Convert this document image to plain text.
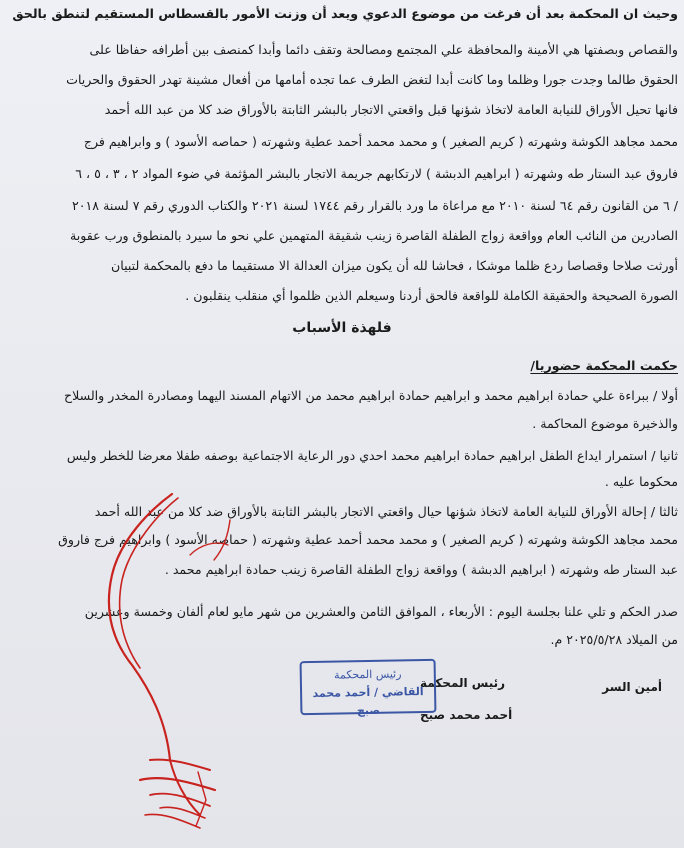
وحيث ان المحكمة بعد أن فرغت من موضوع الدعوي ويعد أن وزنت الأمور بالقسطاس المستقيم لتنطق بالحق
والقصاص وبصفتها هي الأمينة والمحافظة علي المجتمع ومصالحة وتقف دائما وأبدا كمنصف بين أطرافه حفاظا على
الحقوق طالما وجدت جورا وظلما وما كانت أبدا لتغض الطرف عما تجده أمامها من أفعال مشينة تهدر الحقوق والحريات
فانها تحيل الأوراق للنيابة العامة لاتخاذ شؤنها قبل واقعتي الاتجار بالبشر الثابتة بالأوراق ضد كلا من عبد الله أحمد
محمد مجاهد الكوشة وشهرته ( كريم الصغير ) و محمد محمد أحمد عطية وشهرته ( حماصه الأسود ) و وابراهيم فرج
فاروق عبد الستار طه وشهرته ( ابراهيم الدبشة ) لارتكابهم جريمة الاتجار بالبشر المؤثمة في ضوء المواد ٢ ، ٣ ، ٥ ، ٦
/ ٦ من القانون رقم ٦٤ لسنة ٢٠١٠ مع مراعاة ما ورد بالقرار رقم ١٧٤٤ لسنة ٢٠٢١ والكتاب الدوري رقم ٧ لسنة ٢٠١٨
الصادرين من النائب العام وواقعة زواج الطفلة القاصرة زينب شقيقة المتهمين علي نحو ما سيرد بالمنطوق ورب عقوبة
أورثت صلاحا وقصاصا ردع ظلما موشكا ، فحاشا لله أن يكون ميزان العدالة الا مستقيما ما دفع بالمحكمة لتبيان
الصورة الصحيحة والحقيقة الكاملة للواقعة فالحق أردنا وسيعلم الذين ظلموا أي منقلب ينقلبون .
فلهذة الأسباب
حكمت المحكمة حضوريا/
أولا / ببراءة علي حمادة ابراهيم محمد و ابراهيم حمادة ابراهيم محمد من الاتهام المسند اليهما ومصادرة المخدر والسلاح
والذخيرة موضوع المحاكمة .
ثانيا / استمرار ايداع الطفل ابراهيم حمادة ابراهيم محمد احدي دور الرعاية الاجتماعية بوصفه طفلا معرضا للخطر وليس
محكوما عليه .
ثالثا / إحالة الأوراق للنيابة العامة لاتخاذ شؤنها حيال واقعتي الاتجار بالبشر الثابتة بالأوراق ضد كلا من عبد الله أحمد
محمد مجاهد الكوشة وشهرته ( كريم الصغير ) و محمد محمد أحمد عطية وشهرته ( حماصه الأسود ) وابراهيم فرج فاروق
عبد الستار طه وشهرته ( ابراهيم الدبشة ) وواقعة زواج الطفلة القاصرة زينب حمادة ابراهيم محمد .
صدر الحكم و تلي علنا بجلسة اليوم : الأربعاء ، الموافق الثامن والعشرين من شهر مايو لعام ألفان وخمسة وعشرين
من الميلاد ٢٠٢٥/٥/٢٨ م.
أمين السر
رئيس المحكمة
أحمد محمد صبح
رئيس المحكمة
القاضي / أحمد محمد صبح
